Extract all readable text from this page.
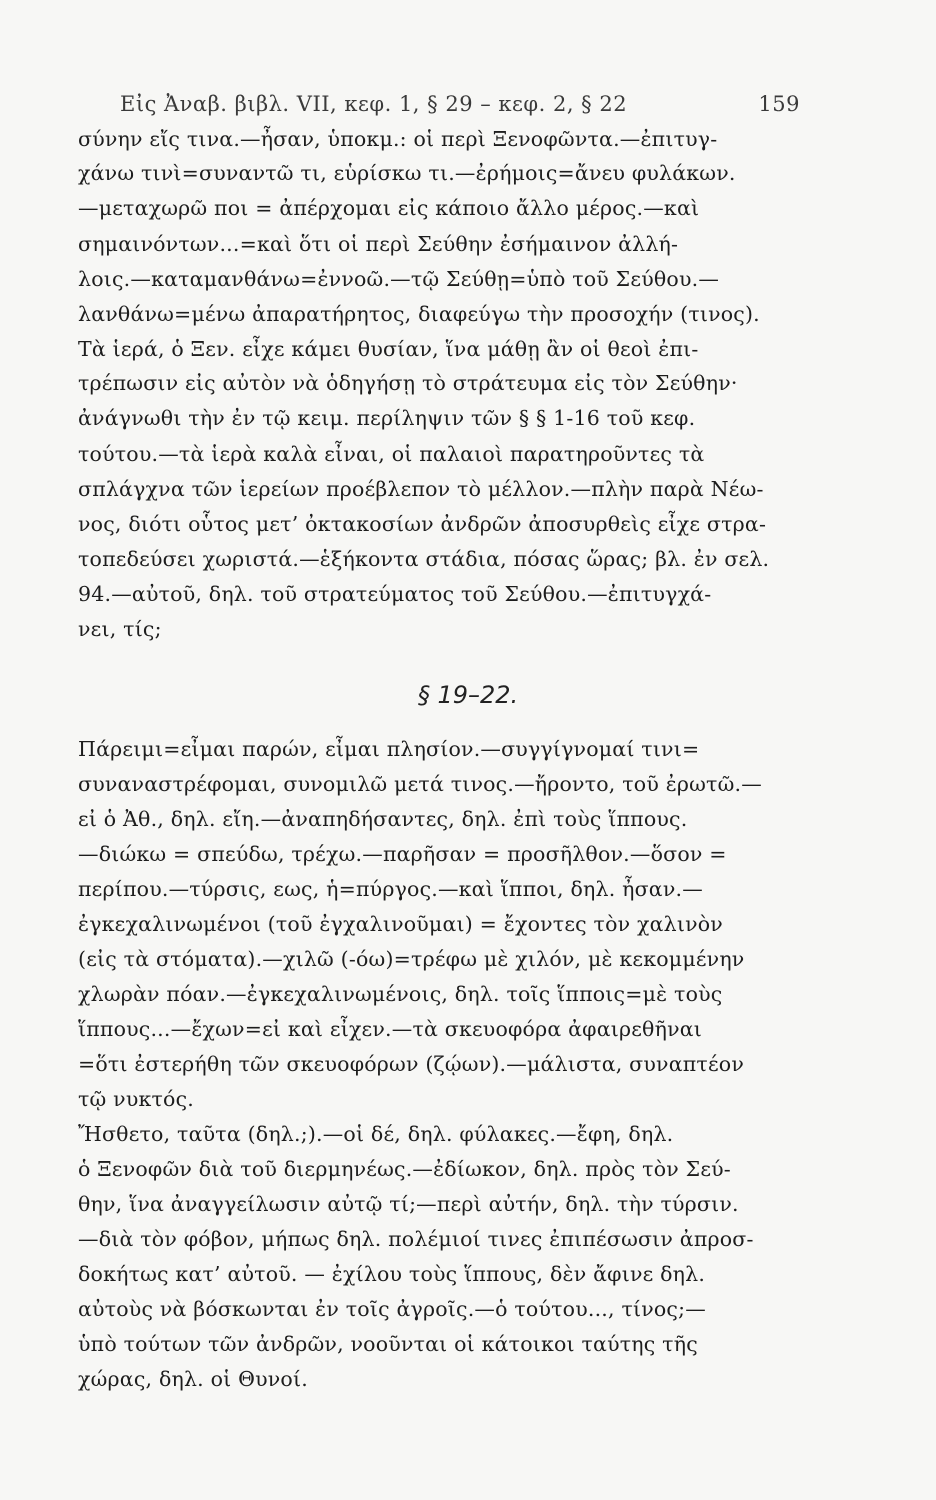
Εἰς Ἀναβ. βιβλ. VII, κεφ. 1, § 29 – κεφ. 2, § 22	159
σύνην εἴς τινα.—ἦσαν, ὑποκμ.: οἱ περὶ Ξενοφῶντα.—ἐπιτυγ-
χάνω τινὶ=συναντῶ τι, εὑρίσκω τι.—ἐρήμοις=ἄνευ φυλάκων.
—μεταχωρῶ ποι = ἀπέρχομαι εἰς κάποιο ἄλλο μέρος.—καὶ
σημαινόντων...=καὶ ὅτι οἱ περὶ Σεύθην ἐσήμαινον ἀλλή-
λοις.—καταμανθάνω=ἐννοῶ.—τῷ Σεύθῃ=ὑπὸ τοῦ Σεύθου.—
λανθάνω=μένω ἀπαρατήρητος, διαφεύγω τὴν προσοχήν (τινος).
Τὰ ἱερά, ὁ Ξεν. εἶχε κάμει θυσίαν, ἵνα μάθῃ ἂν οἱ θεοὶ ἐπι-
τρέπωσιν εἰς αὐτὸν νὰ ὁδηγήσῃ τὸ στράτευμα εἰς τὸν Σεύθην·
ἀνάγνωθι τὴν ἐν τῷ κειμ. περίληψιν τῶν § § 1-16 τοῦ κεφ.
τούτου.—τὰ ἱερὰ καλὰ εἶναι, οἱ παλαιοὶ παρατηροῦντες τὰ
σπλάγχνα τῶν ἱερείων προέβλεπον τὸ μέλλον.—πλὴν παρὰ Νέω-
νος, διότι οὗτος μετ’ ὀκτακοσίων ἀνδρῶν ἀποσυρθεὶς εἶχε στρα-
τοπεδεύσει χωριστά.—ἑξήκοντα στάδια, πόσας ὥρας; βλ. ἐν σελ.
94.—αὐτοῦ, δηλ. τοῦ στρατεύματος τοῦ Σεύθου.—ἐπιτυγχά-
νει, τίς;
§ 19–22.
Πάρειμι=εἶμαι παρών, εἶμαι πλησίον.—συγγίγνομαί τινι=
συναναστρέφομαι, συνομιλῶ μετά τινος.—ἤροντο, τοῦ ἐρωτῶ.—
εἰ ὁ Ἀθ., δηλ. εἴη.—ἀναπηδήσαντες, δηλ. ἐπὶ τοὺς ἵππους.
—διώκω = σπεύδω, τρέχω.—παρῆσαν = προσῆλθον.—ὅσον =
περίπου.—τύρσις, εως, ἡ=πύργος.—καὶ ἵπποι, δηλ. ἦσαν.—
ἐγκεχαλινωμένοι (τοῦ ἐγχαλινοῦμαι) = ἔχοντες τὸν χαλινὸν
(εἰς τὰ στόματα).—χιλῶ (-όω)=τρέφω μὲ χιλόν, μὲ κεκομμένην
χλωρὰν πόαν.—ἐγκεχαλινωμένοις, δηλ. τοῖς ἵπποις=μὲ τοὺς
ἵππους...—ἔχων=εἰ καὶ εἶχεν.—τὰ σκευοφόρα ἀφαιρεθῆναι
=ὅτι ἐστερήθη τῶν σκευοφόρων (ζῴων).—μάλιστα, συναπτέον
τῷ νυκτός.
Ἤσθετο, ταῦτα (δηλ.;).—οἱ δέ, δηλ. φύλακες.—ἔφη, δηλ.
ὁ Ξενοφῶν διὰ τοῦ διερμηνέως.—ἐδίωκον, δηλ. πρὸς τὸν Σεύ-
θην, ἵνα ἀναγγείλωσιν αὐτῷ τί;—περὶ αὐτήν, δηλ. τὴν τύρσιν.
—διὰ τὸν φόβον, μήπως δηλ. πολέμιοί τινες ἐπιπέσωσιν ἀπροσ-
δοκήτως κατ’ αὐτοῦ. — ἐχίλου τοὺς ἵππους, δὲν ἄφινε δηλ.
αὐτοὺς νὰ βόσκωνται ἐν τοῖς ἀγροῖς.—ὁ τούτου..., τίνος;—
ὑπὸ τούτων τῶν ἀνδρῶν, νοοῦνται οἱ κάτοικοι ταύτης τῆς
χώρας, δηλ. οἱ Θυνοί.
